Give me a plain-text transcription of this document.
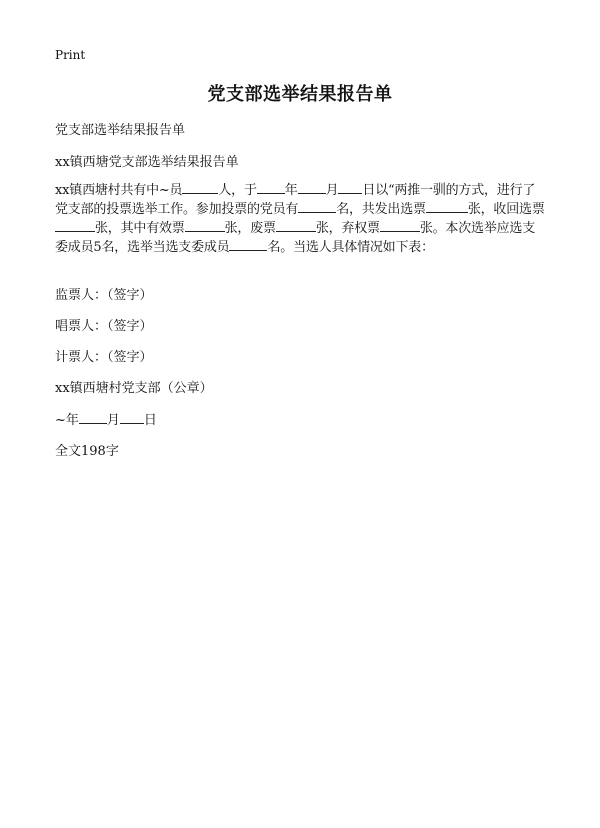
Print
党支部选举结果报告单
党支部选举结果报告单
xx镇西塘党支部选举结果报告单
xx镇西塘村共有中~员	人，于 年 月 日以“两推一驯的方式，进行了党支部的投票选举工作。参加投票的党员有	名，共发出选票	张，收回选票张，其中有效票	张，废票	张，弃权票	张。本次选举应选支委成员5名，选举当选支委成员	名。当选人具体情况如下表：
监票人：（签字）
唱票人：（签字）
计票人：（签字）
xx镇西塘村党支部（公章）
~年 月 日
全文198字
